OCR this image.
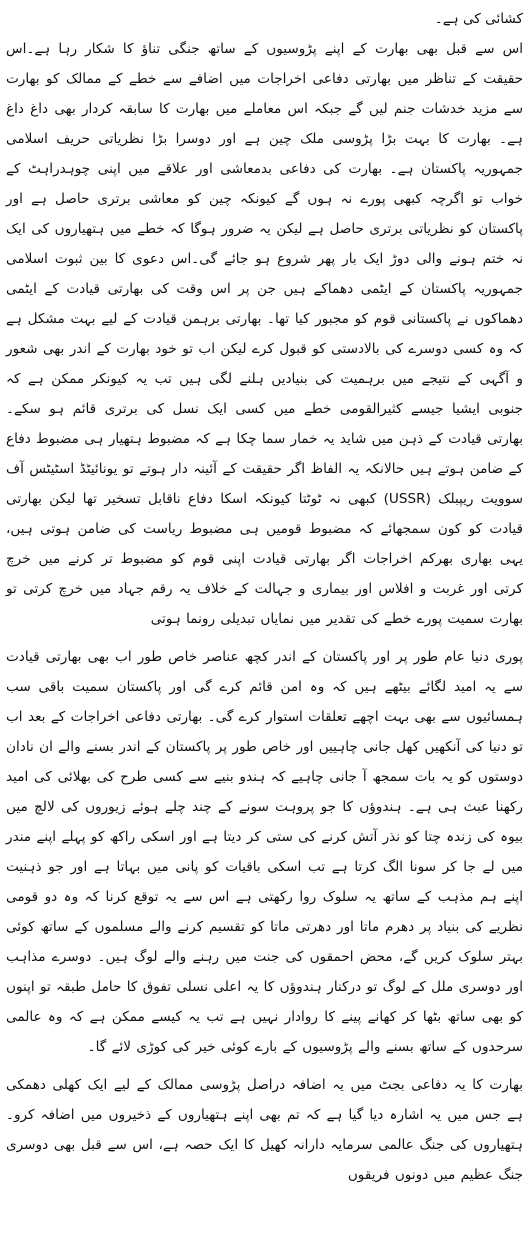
کشائی کی ہے۔

اس سے قبل بھی بھارت کے اپنے پڑوسیوں کے ساتھ جنگی تناؤ کا شکار رہا ہے۔اس حقیقت کے تناظر میں بھارتی دفاعی اخراجات میں اضافے سے خطے کے ممالک کو بھارت سے مزید خدشات جنم لیں گے جبکہ اس معاملے میں بھارت کا سابقہ کردار بھی داغ داغ ہے۔ بھارت کا بہت بڑا پڑوسی ملک چین ہے اور دوسرا بڑا نظریاتی حریف اسلامی جمہوریہ پاکستان ہے۔ بھارت کی دفاعی بدمعاشی اور علاقے میں اپنی چوہدراہٹ کے خواب تو اگرچہ کبھی پورے نہ ہوں گے کیونکہ چین کو معاشی برتری حاصل ہے اور پاکستان کو نظریاتی برتری حاصل ہے لیکن یہ ضرور ہوگا کہ خطے میں ہتھیاروں کی ایک نہ ختم ہونے والی دوڑ ایک بار پھر شروع ہو جائے گی۔اس دعوی کا بین ثبوت اسلامی جمہوریہ پاکستان کے ایٹمی دھماکے ہیں جن پر اس وقت کی بھارتی قیادت کے ایٹمی دھماکوں نے پاکستانی قوم کو مجبور کیا تھا۔ بھارتی برہمن قیادت کے لیے بہت مشکل ہے کہ وہ کسی دوسرے کی بالادستی کو قبول کرے لیکن اب تو خود بھارت کے اندر بھی شعور و آگہی کے نتیجے میں برہمیت کی بنیادیں ہلنے لگی ہیں تب یہ کیونکر ممکن ہے کہ جنوبی ایشیا جیسے کثیرالقومی خطے میں کسی ایک نسل کی برتری قائم ہو سکے۔ بھارتی قیادت کے ذہن میں شاید یہ خمار سما چکا ہے کہ مضبوط ہتھیار ہی مضبوط دفاع کے ضامن ہوتے ہیں حالانکہ یہ الفاظ اگر حقیقت کے آئینہ دار ہوتے تو یونائیٹڈ اسٹیٹس آف سوویت ریپبلک (USSR) کبھی نہ ٹوٹتا کیونکہ اسکا دفاع ناقابل تسخیر تھا لیکن بھارتی قیادت کو کون سمجھائے کہ مضبوط قومیں ہی مضبوط ریاست کی ضامن ہوتی ہیں، یہی بھاری بھرکم اخراجات اگر بھارتی قیادت اپنی قوم کو مضبوط تر کرنے میں خرچ کرتی اور غربت و افلاس اور بیماری و جہالت کے خلاف یہ رقم جہاد میں خرچ کرتی تو بھارت سمیت پورے خطے کی تقدیر میں نمایاں تبدیلی رونما ہوتی

پوری دنیا عام طور پر اور پاکستان کے اندر کچھ عناصر خاص طور اب بھی بھارتی قیادت سے یہ امید لگائے بیٹھے ہیں کہ وہ امن قائم کرے گی اور پاکستان سمیت باقی سب ہمسائیوں سے بھی بہت اچھے تعلقات استوار کرے گی۔ بھارتی دفاعی اخراجات کے بعد اب تو دنیا کی آنکھیں کھل جانی چاہییں اور خاص طور پر پاکستان کے اندر بسنے والے ان نادان دوستوں کو یہ بات سمجھ آ جانی چاہیے کہ ہندو بنیے سے کسی طرح کی بھلائی کی امید رکھنا عبث ہی ہے۔ ہندوؤں کا جو پروہت سونے کے چند چلے ہوئے زیوروں کی لالچ میں بیوہ کی زندہ چتا کو نذر آتش کرنے کی ستی کر دیتا ہے اور اسکی راکھ کو پہلے اپنے مندر میں لے جا کر سونا الگ کرتا ہے تب اسکی باقیات کو پانی میں بہاتا ہے اور جو ذہنیت اپنے ہم مذہب کے ساتھ یہ سلوک روا رکھتی ہے اس سے یہ توقع کرنا کہ وہ دو قومی نظریے کی بنیاد پر دھرم ماتا اور دھرتی ماتا کو تقسیم کرنے والے مسلموں کے ساتھ کوئی بہتر سلوک کریں گے، محض احمقوں کی جنت میں رہنے والے لوگ ہیں۔ دوسرے مذاہب اور دوسری ملل کے لوگ تو درکنار ہندوؤں کا یہ اعلی نسلی تفوق کا حامل طبقہ تو اپنوں کو بھی ساتھ بٹھا کر کھانے پینے کا روادار نہیں ہے تب یہ کیسے ممکن ہے کہ وہ عالمی سرحدوں کے ساتھ بسنے والے پڑوسیوں کے بارے کوئی خیر کی کوڑی لائے گا۔

بھارت کا یہ دفاعی بجٹ میں یہ اضافہ دراصل پڑوسی ممالک کے لیے ایک کھلی دھمکی ہے جس میں یہ اشارہ دیا گیا ہے کہ تم بھی اپنے ہتھیاروں کے ذخیروں میں اضافہ کرو۔ ہتھیاروں کی جنگ عالمی سرمایہ دارانہ کھیل کا ایک حصہ ہے، اس سے قبل بھی دوسری جنگ عظیم میں دونوں فریقوں
